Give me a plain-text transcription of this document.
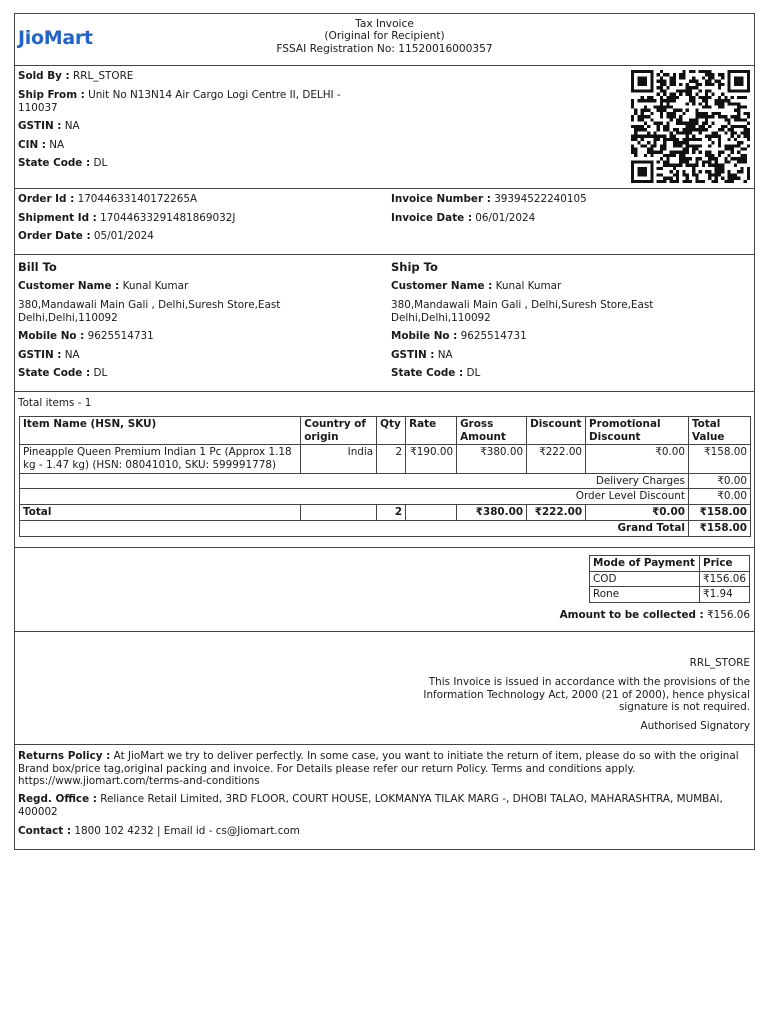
JioMart
Tax Invoice
(Original for Recipient)
FSSAI Registration No: 11520016000357
Sold By : RRL_STORE
Ship From : Unit No N13N14 Air Cargo Logi Centre II, DELHI - 110037
GSTIN : NA
CIN : NA
State Code : DL
Order Id : 17044633140172265A
Shipment Id : 17044633291481869032J
Order Date : 05/01/2024
Invoice Number : 39394522240105
Invoice Date : 06/01/2024
Bill To
Customer Name : Kunal Kumar
380,Mandawali Main Gali , Delhi,Suresh Store,East Delhi,Delhi,110092
Mobile No : 9625514731
GSTIN : NA
State Code : DL
Ship To
Customer Name : Kunal Kumar
380,Mandawali Main Gali , Delhi,Suresh Store,East Delhi,Delhi,110092
Mobile No : 9625514731
GSTIN : NA
State Code : DL
Total items - 1
Item Name (HSN, SKU)	Country of origin	Qty	Rate	Gross Amount	Discount	Promotional Discount	Total Value
Pineapple Queen Premium Indian 1 Pc (Approx 1.18 kg - 1.47 kg) (HSN: 08041010, SKU: 599991778)	India	2	₹190.00	₹380.00	₹222.00	₹0.00	₹158.00
Delivery Charges							₹0.00
Order Level Discount							₹0.00
Total		2		₹380.00	₹222.00	₹0.00	₹158.00
Grand Total							₹158.00
Mode of Payment	Price
COD	₹156.06
Rone	₹1.94
Amount to be collected : ₹156.06
RRL_STORE
This Invoice is issued in accordance with the provisions of the Information Technology Act, 2000 (21 of 2000), hence physical signature is not required.
Authorised Signatory
Returns Policy : At JioMart we try to deliver perfectly. In some case, you want to initiate the return of item, please do so with the original Brand box/price tag,original packing and invoice. For Details please refer our return Policy. Terms and conditions apply. https://www.jiomart.com/terms-and-conditions
Regd. Office : Reliance Retail Limited, 3RD FLOOR, COURT HOUSE, LOKMANYA TILAK MARG -, DHOBI TALAO, MAHARASHTRA, MUMBAI, 400002
Contact : 1800 102 4232 | Email id - cs@Jiomart.com
